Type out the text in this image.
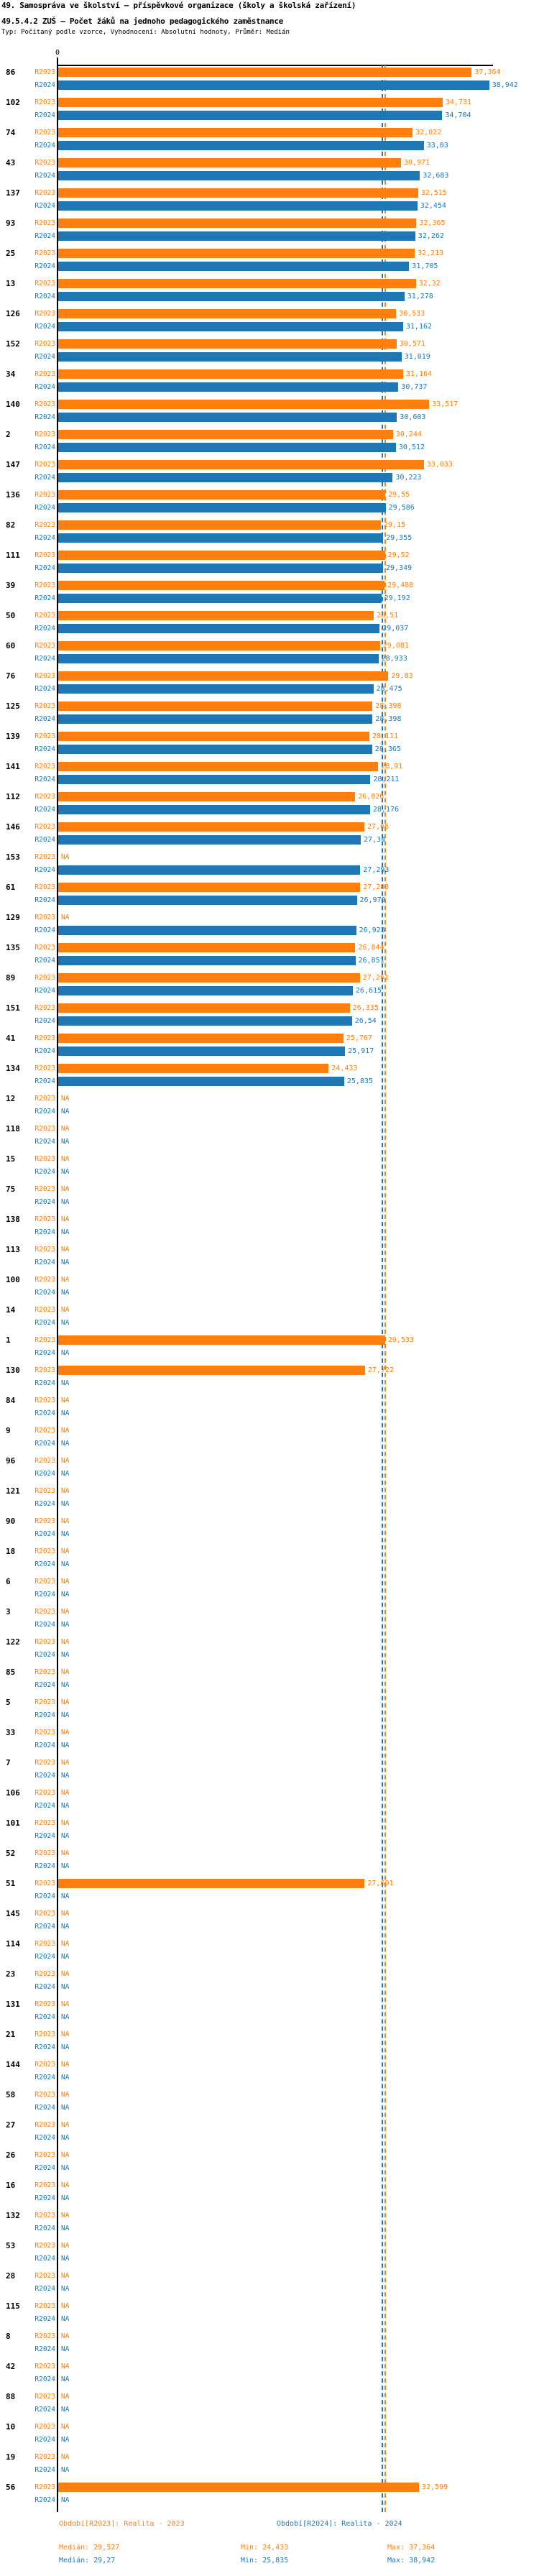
49. Samospráva ve školství – příspěvkové organizace (školy a školská zařízení)
49.5.4.2 ZUŠ – Počet žáků na jednoho pedagogického zaměstnance
Typ: Počítaný podle vzorce, Vyhodnocení: Absolutní hodnoty, Průměr: Medián
0
86	R2023	37,364
R2024	38,942
102	R2023	34,731
R2024	34,704
74	R2023	32,022
R2024	33,03
43	R2023	30,971
R2024	32,683
137	R2023	32,515
R2024	32,454
93	R2023	32,365
R2024	32,262
25	R2023	32,213
R2024	31,705
13	R2023	32,32
R2024	31,278
126	R2023	30,533
R2024	31,162
152	R2023	30,571
R2024	31,019
34	R2023	31,164
R2024	30,737
140	R2023	33,517
R2024	30,603
2	R2023	30,244
R2024	30,512
147	R2023	33,033
R2024	30,223
136	R2023	29,55
R2024	29,586
82	R2023	29,15
R2024	29,355
111	R2023	29,52
R2024	29,349
39	R2023	29,488
R2024	29,192
50	R2023	28,51
R2024	29,037
60	R2023	29,081
R2024	28,933
76	R2023	29,83
R2024	28,475
125	R2023	28,398
R2024	28,398
139	R2023	28,111
R2024	28,365
141	R2023	28,91
R2024	28,211
112	R2023	26,826
R2024	28,176
146	R2023	27,66
R2024	27,34
153	R2023 NA
R2024	27,293
61	R2023	27,283
R2024	26,979
129	R2023 NA
R2024	26,923
135	R2023	26,844
R2024	26,851
89	R2023	27,261
R2024	26,615
151	R2023	26,335
R2024	26,54
41	R2023	25,767
R2024	25,917
134	R2023	24,433
R2024	25,835
12	R2023 NA
R2024 NA
118	R2023 NA
R2024 NA
15	R2023 NA
R2024 NA
75	R2023 NA
R2024 NA
138	R2023 NA
R2024 NA
113	R2023 NA
R2024 NA
100	R2023 NA
R2024 NA
14	R2023 NA
R2024 NA
1	R2023	29,533
R2024 NA
130	R2023	27,722
R2024 NA
84	R2023 NA
R2024 NA
9	R2023 NA
R2024 NA
96	R2023 NA
R2024 NA
121	R2023 NA
R2024 NA
90	R2023 NA
R2024 NA
18	R2023 NA
R2024 NA
6	R2023 NA
R2024 NA
3	R2023 NA
R2024 NA
122	R2023 NA
R2024 NA
85	R2023 NA
R2024 NA
5	R2023 NA
R2024 NA
33	R2023 NA
R2024 NA
7	R2023 NA
R2024 NA
106	R2023 NA
R2024 NA
101	R2023 NA
R2024 NA
52	R2023 NA
R2024 NA
51	R2023	27,691
R2024 NA
145	R2023 NA
R2024 NA
114	R2023 NA
R2024 NA
23	R2023 NA
R2024 NA
131	R2023 NA
R2024 NA
21	R2023 NA
R2024 NA
144	R2023 NA
R2024 NA
58	R2023 NA
R2024 NA
27	R2023 NA
R2024 NA
26	R2023 NA
R2024 NA
16	R2023 NA
R2024 NA
132	R2023 NA
R2024 NA
53	R2023 NA
R2024 NA
28	R2023 NA
R2024 NA
115	R2023 NA
R2024 NA
8	R2023 NA
R2024 NA
42	R2023 NA
R2024 NA
88	R2023 NA
R2024 NA
10	R2023 NA
R2024 NA
19	R2023 NA
R2024 NA
56	R2023	32,599
R2024 NA
Období[R2023]: Realita - 2023	Období[R2024]: Realita - 2024
Medián: 29,527	Min: 24,433	Max: 37,364
Medián: 29,27	Min: 25,835	Max: 38,942
